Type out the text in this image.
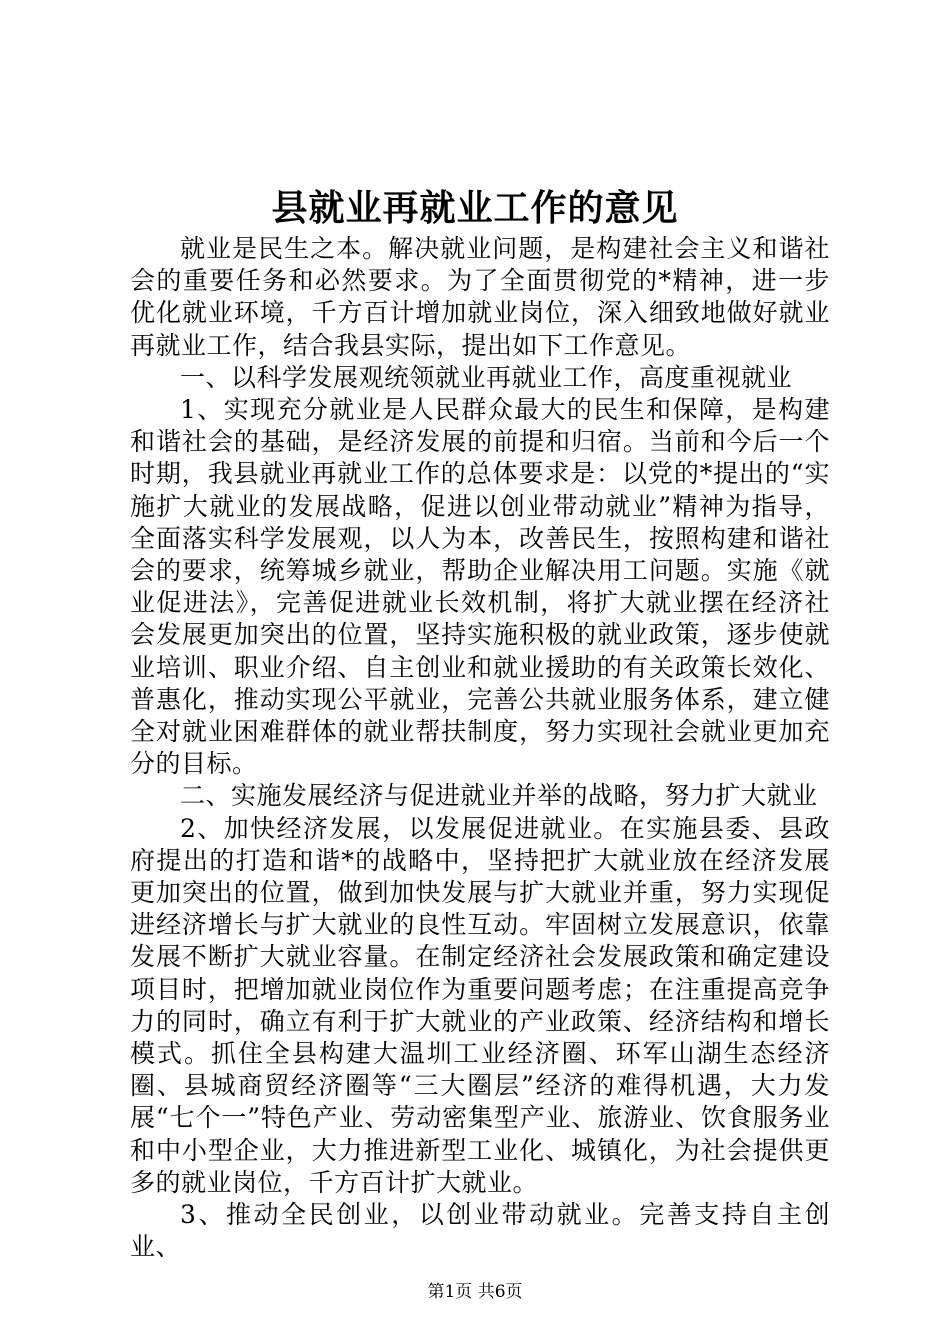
县就业再就业工作的意见

就业是民生之本。解决就业问题，是构建社会主义和谐社会的重要任务和必然要求。为了全面贯彻党的*精神，进一步优化就业环境，千方百计增加就业岗位，深入细致地做好就业再就业工作，结合我县实际，提出如下工作意见。

一、以科学发展观统领就业再就业工作，高度重视就业

1、实现充分就业是人民群众最大的民生和保障，是构建和谐社会的基础，是经济发展的前提和归宿。当前和今后一个时期，我县就业再就业工作的总体要求是：以党的*提出的“实施扩大就业的发展战略，促进以创业带动就业”精神为指导，全面落实科学发展观，以人为本，改善民生，按照构建和谐社会的要求，统筹城乡就业，帮助企业解决用工问题。实施《就业促进法》，完善促进就业长效机制，将扩大就业摆在经济社会发展更加突出的位置，坚持实施积极的就业政策，逐步使就业培训、职业介绍、自主创业和就业援助的有关政策长效化、普惠化，推动实现公平就业，完善公共就业服务体系，建立健全对就业困难群体的就业帮扶制度，努力实现社会就业更加充分的目标。

二、实施发展经济与促进就业并举的战略，努力扩大就业

2、加快经济发展，以发展促进就业。在实施县委、县政府提出的打造和谐*的战略中，坚持把扩大就业放在经济发展更加突出的位置，做到加快发展与扩大就业并重，努力实现促进经济增长与扩大就业的良性互动。牢固树立发展意识，依靠发展不断扩大就业容量。在制定经济社会发展政策和确定建设项目时，把增加就业岗位作为重要问题考虑；在注重提高竞争力的同时，确立有利于扩大就业的产业政策、经济结构和增长模式。抓住全县构建大温圳工业经济圈、环军山湖生态经济圈、县城商贸经济圈等“三大圈层”经济的难得机遇，大力发展“七个一”特色产业、劳动密集型产业、旅游业、饮食服务业和中小型企业，大力推进新型工业化、城镇化，为社会提供更多的就业岗位，千方百计扩大就业。

3、推动全民创业，以创业带动就业。完善支持自主创业、

第1页 共6页
